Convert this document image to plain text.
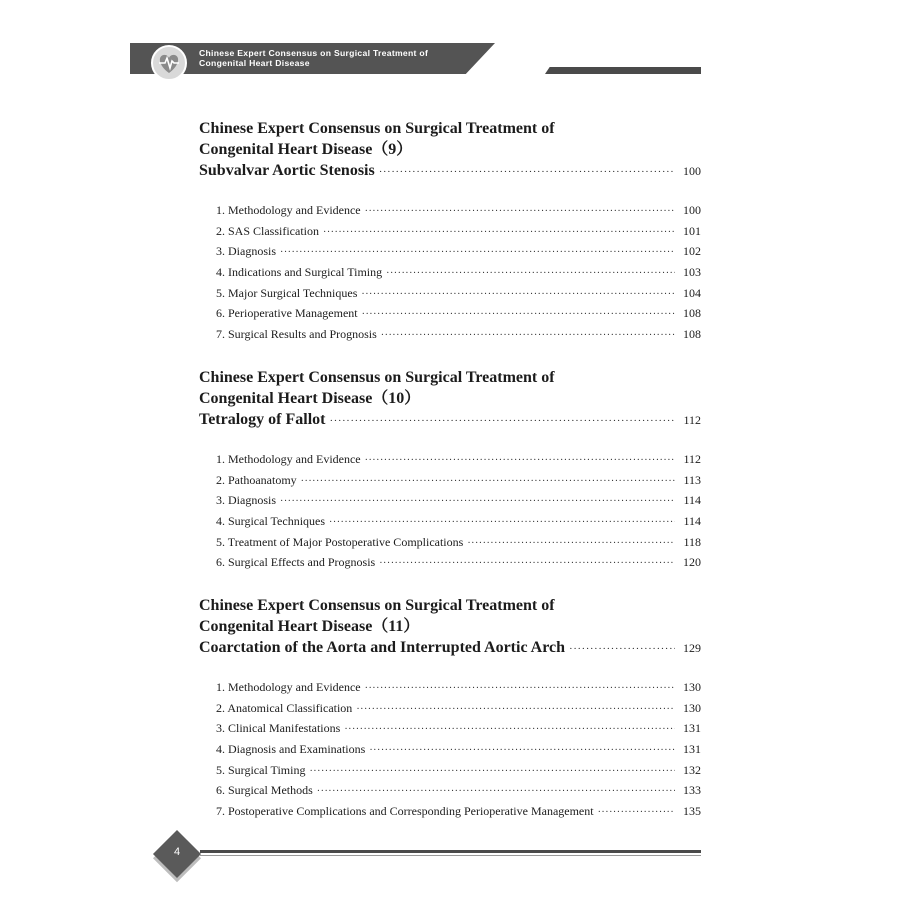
Chinese Expert Consensus on Surgical Treatment of
Congenital Heart Disease
Chinese Expert Consensus on Surgical Treatment of
Congenital Heart Disease（9）
Subvalvar Aortic Stenosis ·····	100
1. Methodology and Evidence ·····	100
2. SAS Classification ·····	101
3. Diagnosis ·····	102
4. Indications and Surgical Timing ·····	103
5. Major Surgical Techniques ·····	104
6. Perioperative Management ·····	108
7. Surgical Results and Prognosis ·····	108
Chinese Expert Consensus on Surgical Treatment of
Congenital Heart Disease（10）
Tetralogy of Fallot ·····	112
1. Methodology and Evidence ·····	112
2. Pathoanatomy ·····	113
3. Diagnosis ·····	114
4. Surgical Techniques ·····	114
5. Treatment of Major Postoperative Complications ·····	118
6. Surgical Effects and Prognosis ·····	120
Chinese Expert Consensus on Surgical Treatment of
Congenital Heart Disease（11）
Coarctation of the Aorta and Interrupted Aortic Arch ·····	129
1. Methodology and Evidence ·····	130
2. Anatomical Classification ·····	130
3. Clinical Manifestations ·····	131
4. Diagnosis and Examinations ·····	131
5. Surgical Timing ·····	132
6. Surgical Methods ·····	133
7. Postoperative Complications and Corresponding Perioperative Management ·····	135
4
